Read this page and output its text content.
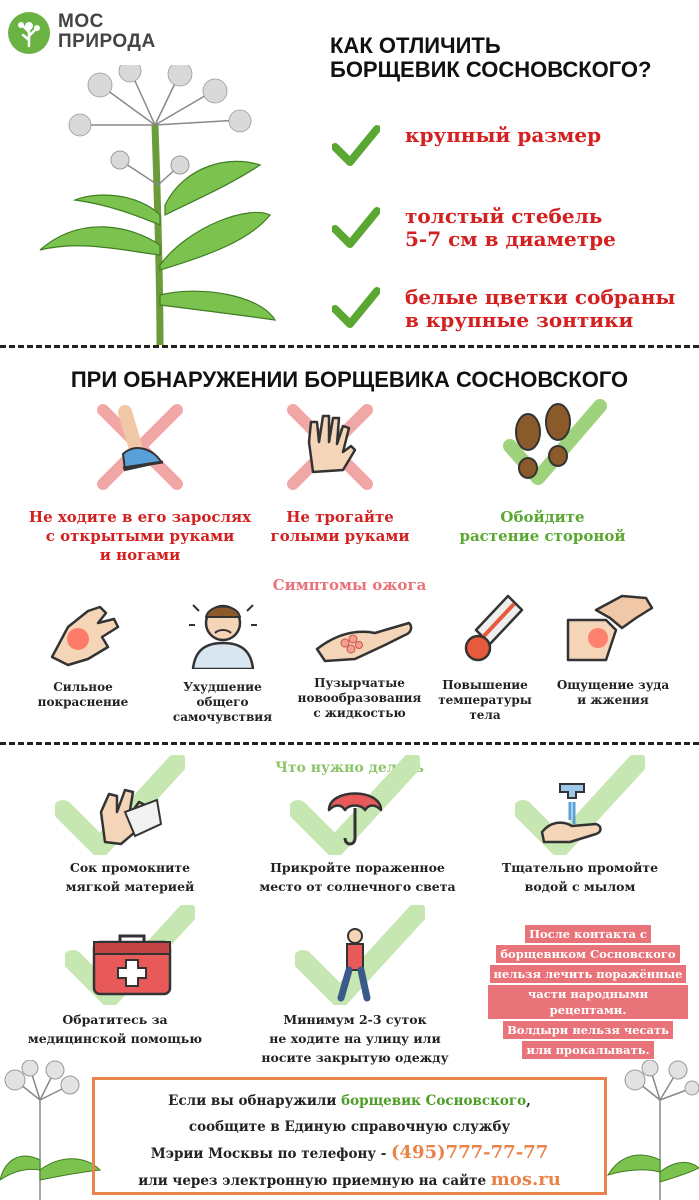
МОС
ПРИРОДА	КАК ОТЛИЧИТЬ
БОРЩЕВИК СОСНОВСКОГО?
крупный размер
толстый стебель
5-7 см в диаметре
белые цветки собраны
в крупные зонтики
ПРИ ОБНАРУЖЕНИИ БОРЩЕВИКА СОСНОВСКОГО
Не ходите в его зарослях
с открытыми руками
и ногами
Не трогайте
голыми руками
Обойдите
растение стороной
Симптомы ожога
Сильное
покраснение
Ухудшение
общего
самочувствия
Пузырчатые
новообразования
с жидкостью
Повышение
температуры
тела
Ощущение зуда
и жжения
Что нужно делать
Сок промокните
мягкой материей
Прикройте пораженное
место от солнечного света
Тщательно промойте
водой с мылом
Обратитесь за
медицинской помощью
Минимум 2-3 суток
не ходите на улицу или
носите закрытую одежду
После контакта с
борщевиком Сосновского
нельзя лечить поражённые
части народными рецептами.
Волдыри нельзя чесать
или прокалывать.
Если вы обнаружили борщевик Сосновского,
сообщите в Единую справочную службу
Мэрии Москвы по телефону - (495)777-77-77
или через электронную приемную на сайте mos.ru
